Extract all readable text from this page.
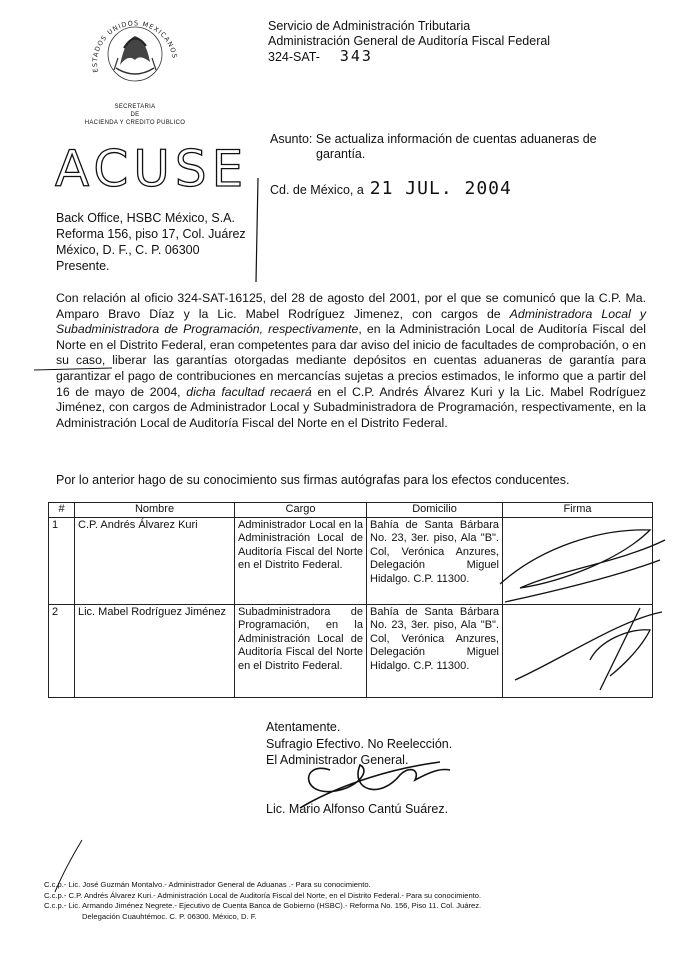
ESTADOS UNIDOS MEXICANOS
SECRETARIA
DE
HACIENDA Y CREDITO PUBLICO
Servicio de Administración Tributaria
Administración General de Auditoría Fiscal Federal
324-SAT- 343
ACUSE
Asunto: Se actualiza información de cuentas aduaneras de
garantía.
Cd. de México, a 21 JUL. 2004
Back Office, HSBC México, S.A.
Reforma 156, piso 17, Col. Juárez
México, D. F., C. P. 06300
Presente.
Con relación al oficio 324-SAT-16125, del 28 de agosto del 2001, por el que se comunicó que la C.P. Ma. Amparo Bravo Díaz y la Lic. Mabel Rodríguez Jimenez, con cargos de Administradora Local y Subadministradora de Programación, respectivamente, en la Administración Local de Auditoría Fiscal del Norte en el Distrito Federal, eran competentes para dar aviso del inicio de facultades de comprobación, o en su caso, liberar las garantías otorgadas mediante depósitos en cuentas aduaneras de garantía para garantizar el pago de contribuciones en mercancías sujetas a precios estimados, le informo que a partir del 16 de mayo de 2004, dicha facultad recaerá en el C.P. Andrés Álvarez Kuri y la Lic. Mabel Rodríguez Jiménez, con cargos de Administrador Local y Subadministradora de Programación, respectivamente, en la Administración Local de Auditoría Fiscal del Norte en el Distrito Federal.
Por lo anterior hago de su conocimiento sus firmas autógrafas para los efectos conducentes.
#	Nombre	Cargo	Domicilio	Firma
1	C.P. Andrés Álvarez Kuri	Administrador Local en la Administración Local de Auditoría Fiscal del Norte en el Distrito Federal.	Bahía de Santa Bárbara No. 23, 3er. piso, Ala "B". Col, Verónica Anzures, Delegación Miguel Hidalgo. C.P. 11300.	
2	Lic. Mabel Rodríguez Jiménez	Subadministradora de Programación, en la Administración Local de Auditoría Fiscal del Norte en el Distrito Federal.	Bahía de Santa Bárbara No. 23, 3er. piso, Ala "B". Col, Verónica Anzures, Delegación Miguel Hidalgo. C.P. 11300.	
Atentamente.
Sufragio Efectivo. No Reelección.
El Administrador General.
Lic. Mario Alfonso Cantú Suárez.
C.c.p.- Lic. José Guzmán Montalvo.- Administrador General de Aduanas .- Para su conocimiento.
C.c.p.- C.P. Andrés Álvarez Kuri.- Administración Local de Auditoría Fiscal del Norte, en el Distrito Federal.- Para su conocimiento.
C.c.p.- Lic. Armando Jiménez Negrete.- Ejecutivo de Cuenta Banca de Gobierno (HSBC).- Reforma No. 156, Piso 11. Col. Juárez.
Delegación Cuauhtémoc. C. P. 06300. México, D. F.
